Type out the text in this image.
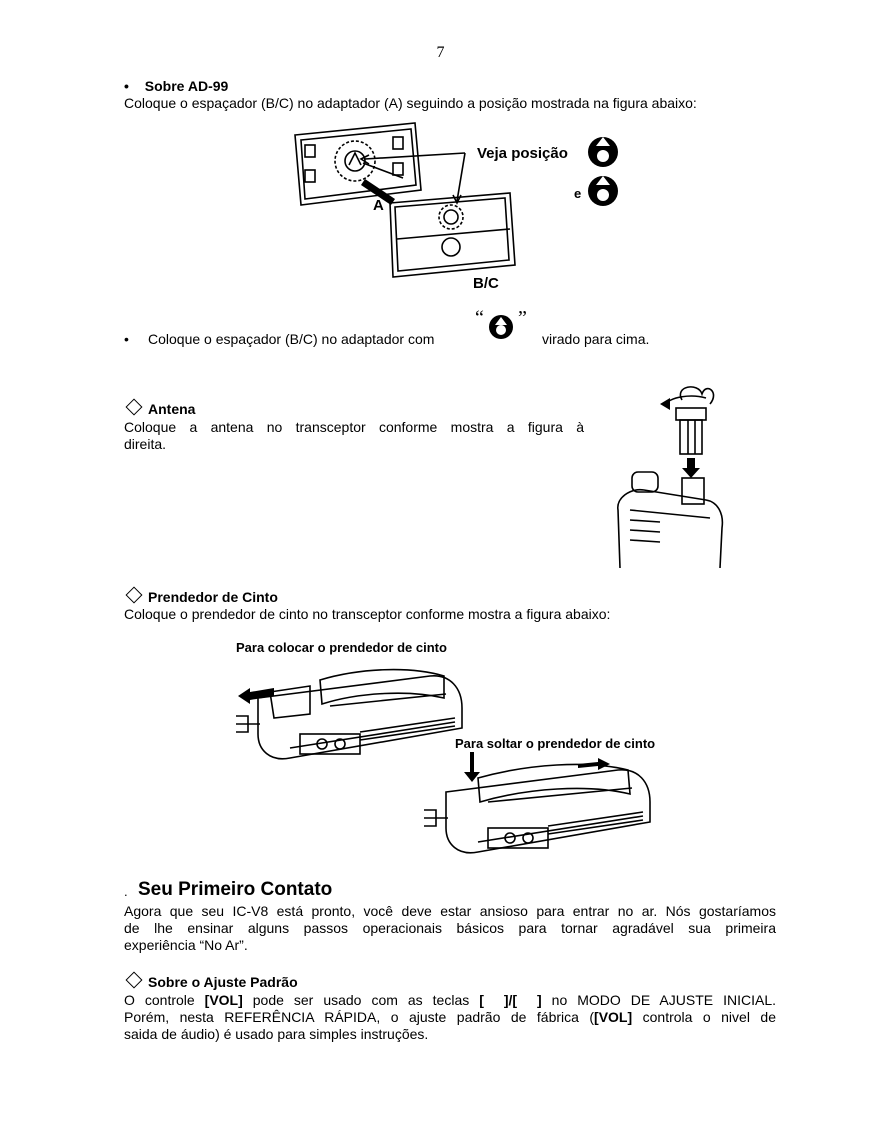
7
• Sobre AD-99
Coloque o espaçador (B/C) no adaptador (A) seguindo a posição mostrada na figura abaixo:
Veja posição
e
A
B/C
• Coloque o espaçador (B/C) no adaptador com
“ ”
virado para cima.
Antena
Coloque a antena no transceptor conforme mostra a figura à
direita.
Prendedor de Cinto
Coloque o prendedor de cinto no transceptor conforme mostra a figura abaixo:
Para colocar o prendedor de cinto
Para soltar o prendedor de cinto
. Seu Primeiro Contato
Agora que seu IC-V8 está pronto, você deve estar ansioso para entrar no ar. Nós gostaríamos
de lhe ensinar alguns passos operacionais básicos para tornar agradável sua primeira
experiência “No Ar”.
Sobre o Ajuste Padrão
O controle [VOL] pode ser usado com as teclas [  ]/[  ] no MODO DE AJUSTE INICIAL.
Porém, nesta REFERÊNCIA RÁPIDA, o ajuste padrão de fábrica ([VOL] controla o nivel de
saida de áudio) é usado para simples instruções.
